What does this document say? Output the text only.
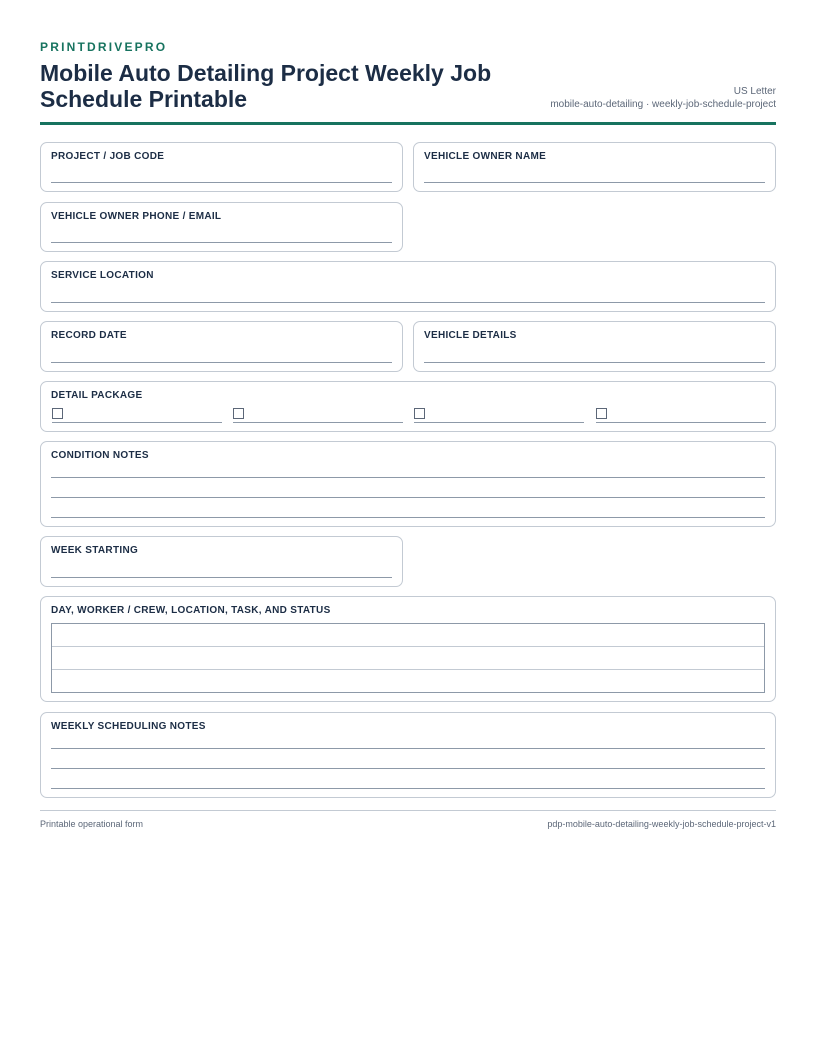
PRINTDRIVEPRO
Mobile Auto Detailing Project Weekly Job Schedule Printable	US Letter
mobile-auto-detailing · weekly-job-schedule-project
PROJECT / JOB CODE	VEHICLE OWNER NAME
VEHICLE OWNER PHONE / EMAIL
SERVICE LOCATION
RECORD DATE	VEHICLE DETAILS
DETAIL PACKAGE
CONDITION NOTES
WEEK STARTING
DAY, WORKER / CREW, LOCATION, TASK, AND STATUS
WEEKLY SCHEDULING NOTES
Printable operational form	pdp-mobile-auto-detailing-weekly-job-schedule-project-v1
